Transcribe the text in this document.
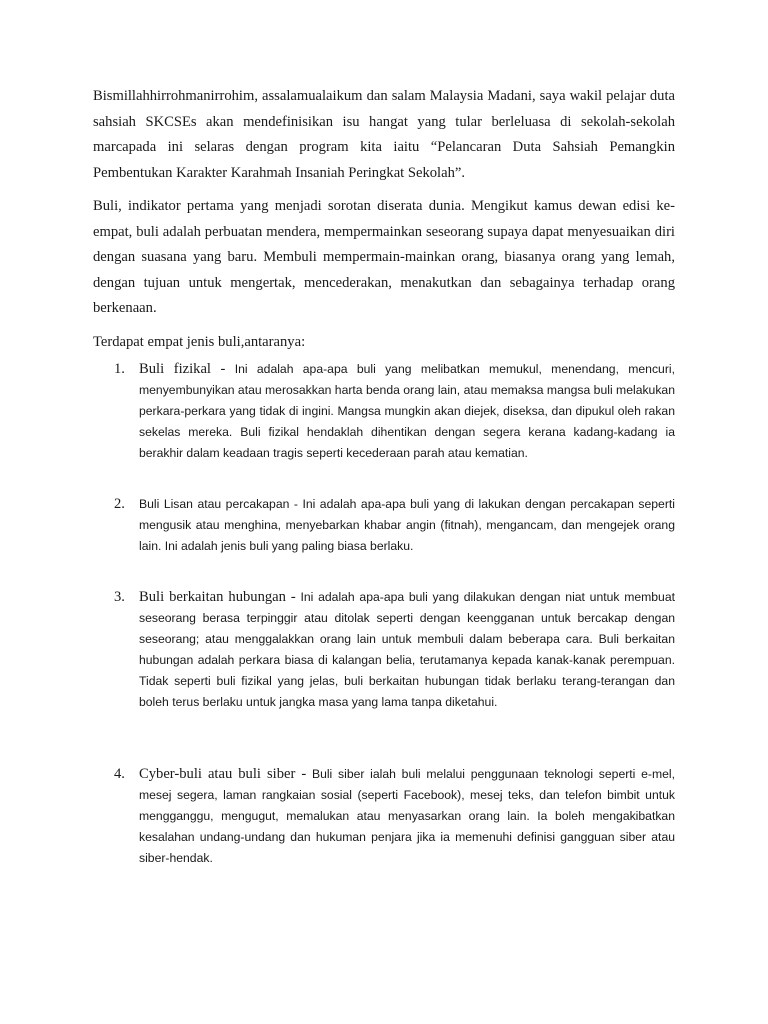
Bismillahhirrohmanirrohim, assalamualaikum dan salam Malaysia Madani, saya wakil pelajar duta sahsiah SKCSEs akan mendefinisikan isu hangat yang tular berleluasa di sekolah-sekolah marcapada ini selaras dengan program kita iaitu “Pelancaran Duta Sahsiah Pemangkin Pembentukan Karakter Karahmah Insaniah Peringkat Sekolah”.

Buli, indikator pertama yang menjadi sorotan diserata dunia. Mengikut kamus dewan edisi ke-empat, buli adalah perbuatan mendera, mempermainkan seseorang supaya dapat menyesuaikan diri dengan suasana yang baru. Membuli mempermain-mainkan orang, biasanya orang yang lemah, dengan tujuan untuk mengertak, mencederakan, menakutkan dan sebagainya terhadap orang berkenaan.

Terdapat empat jenis buli,antaranya:

1. Buli fizikal - Ini adalah apa-apa buli yang melibatkan memukul, menendang, mencuri, menyembunyikan atau merosakkan harta benda orang lain, atau memaksa mangsa buli melakukan perkara-perkara yang tidak di ingini. Mangsa mungkin akan diejek, diseksa, dan dipukul oleh rakan sekelas mereka. Buli fizikal hendaklah dihentikan dengan segera kerana kadang-kadang ia berakhir dalam keadaan tragis seperti kecederaan parah atau kematian.

2. Buli Lisan atau percakapan - Ini adalah apa-apa buli yang di lakukan dengan percakapan seperti mengusik atau menghina, menyebarkan khabar angin (fitnah), mengancam, dan mengejek orang lain. Ini adalah jenis buli yang paling biasa berlaku.

3. Buli berkaitan hubungan - Ini adalah apa-apa buli yang dilakukan dengan niat untuk membuat seseorang berasa terpinggir atau ditolak seperti dengan keengganan untuk bercakap dengan seseorang; atau menggalakkan orang lain untuk membuli dalam beberapa cara. Buli berkaitan hubungan adalah perkara biasa di kalangan belia, terutamanya kepada kanak-kanak perempuan. Tidak seperti buli fizikal yang jelas, buli berkaitan hubungan tidak berlaku terang-terangan dan boleh terus berlaku untuk jangka masa yang lama tanpa diketahui.

4. Cyber-buli atau buli siber - Buli siber ialah buli melalui penggunaan teknologi seperti e-mel, mesej segera, laman rangkaian sosial (seperti Facebook), mesej teks, dan telefon bimbit untuk mengganggu, mengugut, memalukan atau menyasarkan orang lain. Ia boleh mengakibatkan kesalahan undang-undang dan hukuman penjara jika ia memenuhi definisi gangguan siber atau siber-hendak.
